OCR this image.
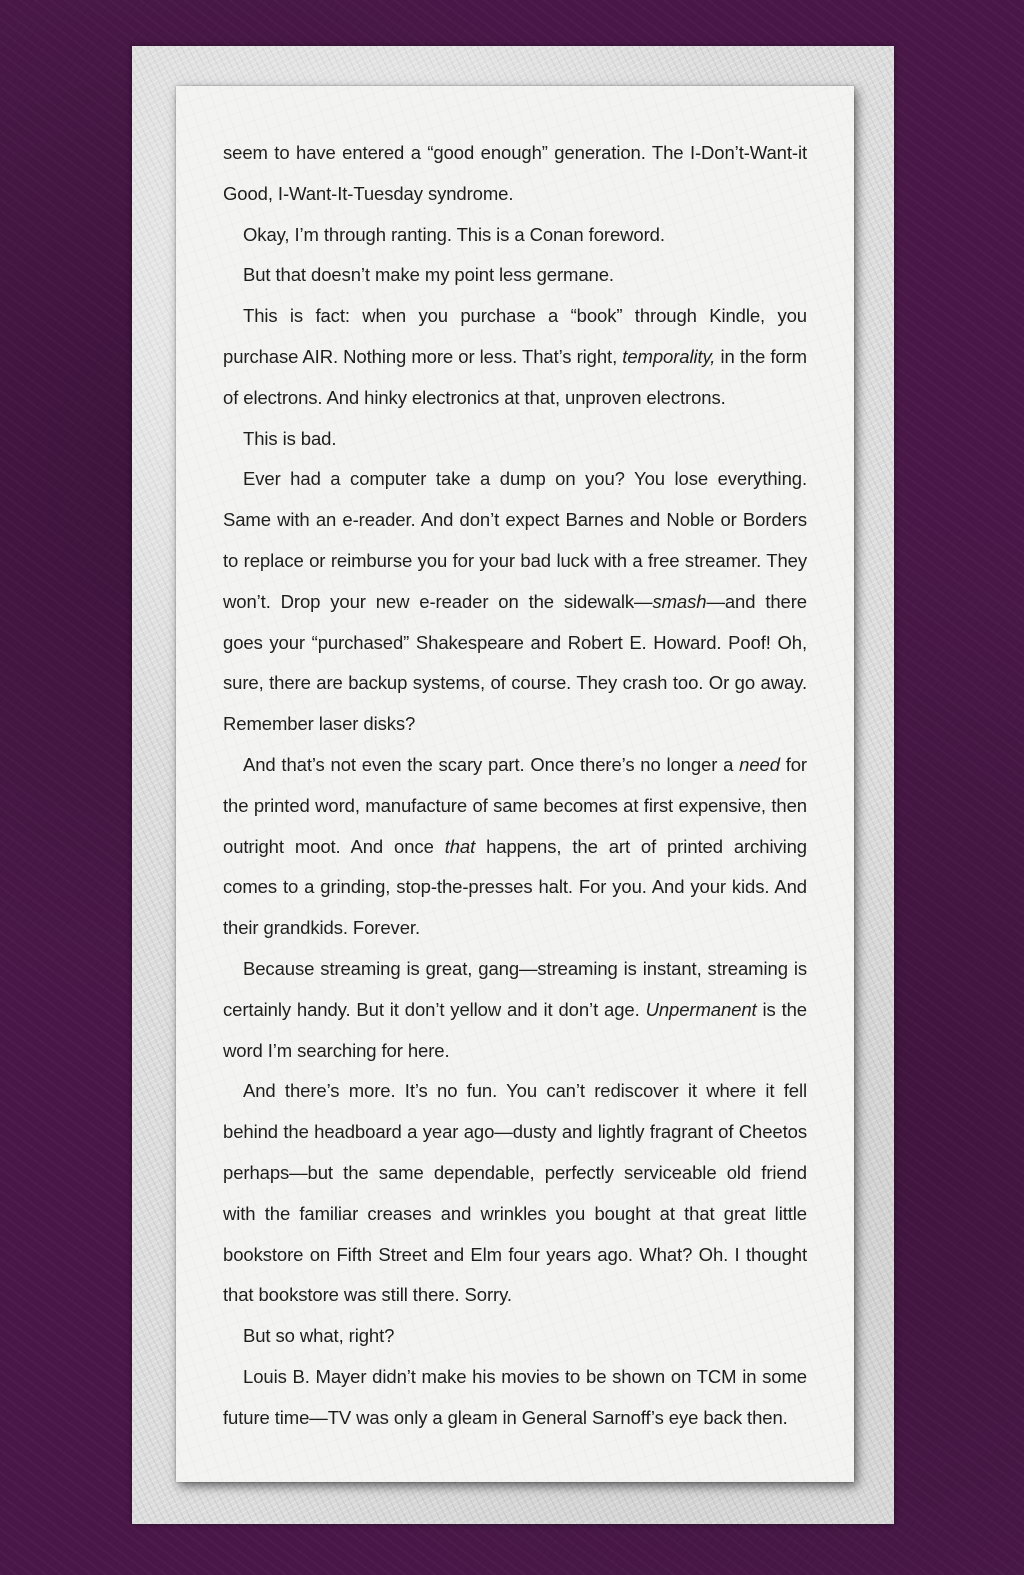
seem to have entered a “good enough” generation. The I-Don’t-Want-it Good, I-Want-It-Tuesday syndrome.

Okay, I’m through ranting. This is a Conan foreword.

But that doesn’t make my point less germane.

This is fact: when you purchase a “book” through Kindle, you purchase AIR. Nothing more or less. That’s right, temporality, in the form of electrons. And hinky electronics at that, unproven electrons.

This is bad.

Ever had a computer take a dump on you? You lose everything. Same with an e-reader. And don’t expect Barnes and Noble or Borders to replace or reimburse you for your bad luck with a free streamer. They won’t. Drop your new e-reader on the sidewalk—smash—and there goes your “purchased” Shakespeare and Robert E. Howard. Poof! Oh, sure, there are backup systems, of course. They crash too. Or go away. Remember laser disks?

And that’s not even the scary part. Once there’s no longer a need for the printed word, manufacture of same becomes at first expensive, then outright moot. And once that happens, the art of printed archiving comes to a grinding, stop-the-presses halt. For you. And your kids. And their grandkids. Forever.

Because streaming is great, gang—streaming is instant, streaming is certainly handy. But it don’t yellow and it don’t age. Unpermanent is the word I’m searching for here.

And there’s more. It’s no fun. You can’t rediscover it where it fell behind the headboard a year ago—dusty and lightly fragrant of Cheetos perhaps—but the same dependable, perfectly serviceable old friend with the familiar creases and wrinkles you bought at that great little bookstore on Fifth Street and Elm four years ago. What? Oh. I thought that bookstore was still there. Sorry.

But so what, right?

Louis B. Mayer didn’t make his movies to be shown on TCM in some future time—TV was only a gleam in General Sarnoff’s eye back then.
